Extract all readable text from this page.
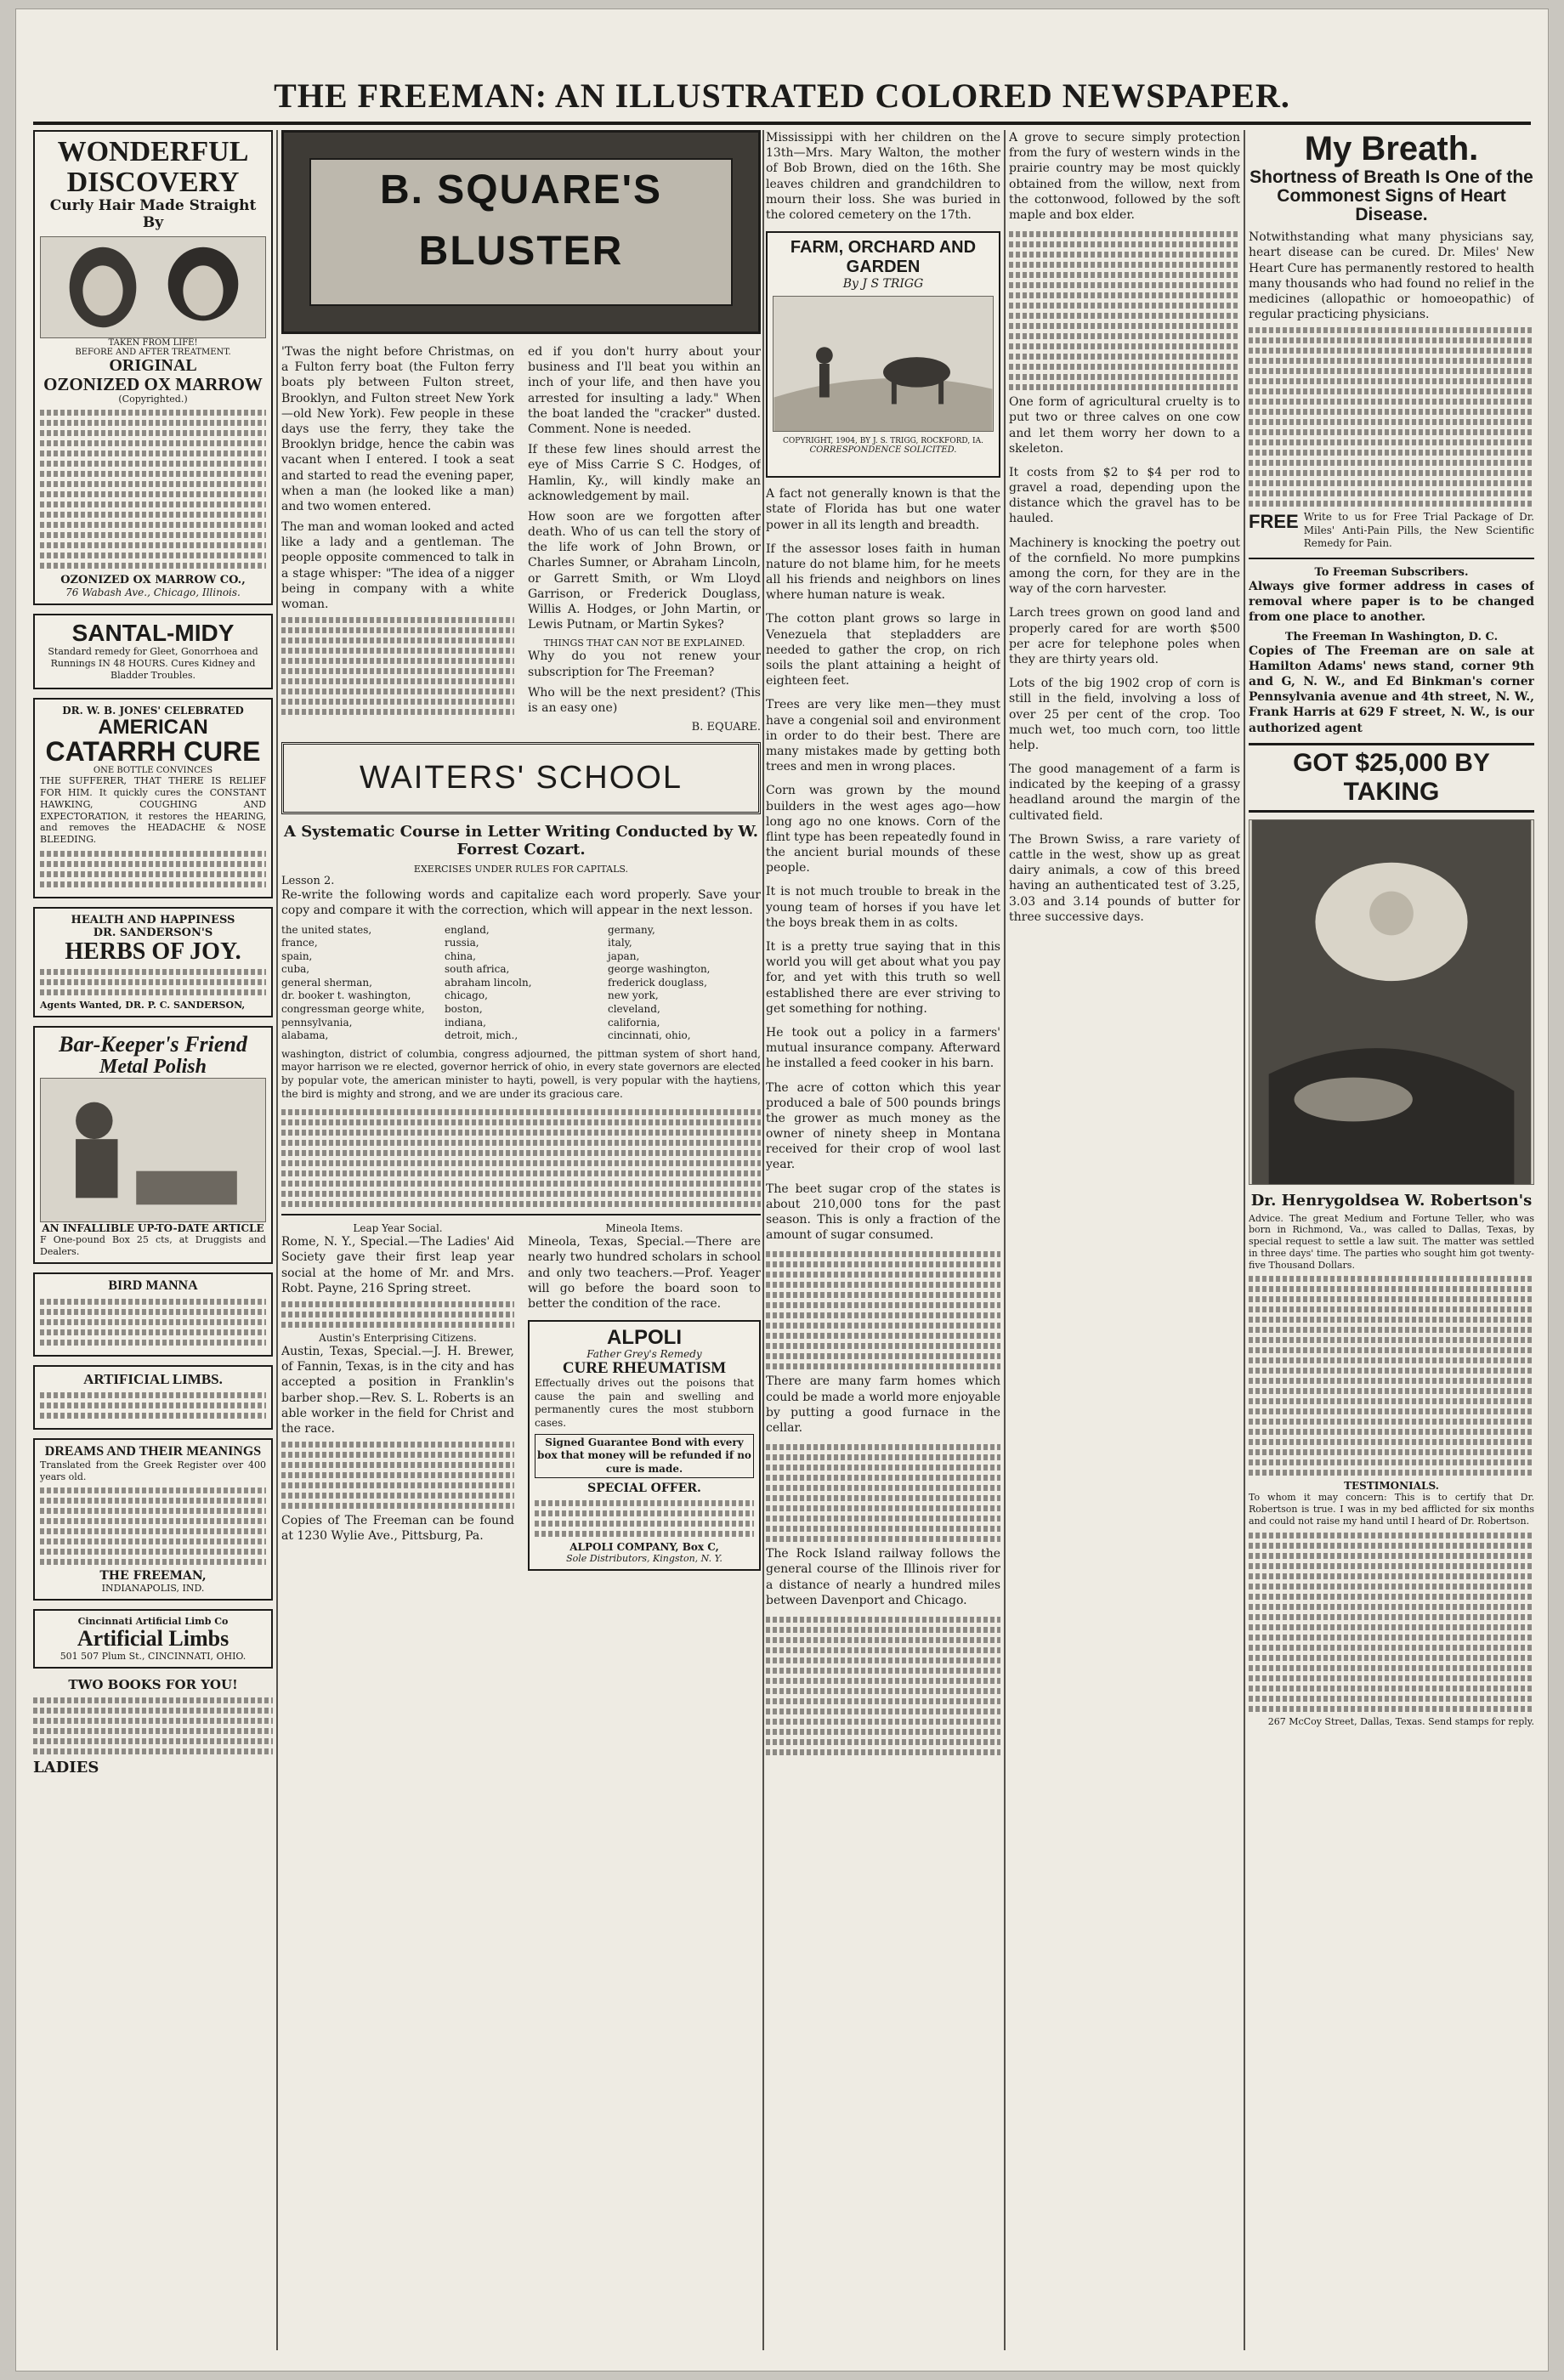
THE FREEMAN: AN ILLUSTRATED COLORED NEWSPAPER.
WONDERFUL
DISCOVERY
Curly Hair Made Straight By
TAKEN FROM LIFE!
BEFORE AND AFTER TREATMENT.
ORIGINAL
OZONIZED OX MARROW
(Copyrighted.)
OZONIZED OX MARROW CO.,
76 Wabash Ave., Chicago, Illinois.
SANTAL-MIDY
Standard remedy for Gleet, Gonorrhoea and Runnings IN 48 HOURS. Cures Kidney and Bladder Troubles.
DR. W. B. JONES' CELEBRATED
AMERICAN
CATARRH CURE
ONE BOTTLE CONVINCES
THE SUFFERER, THAT THERE IS RELIEF FOR HIM. It quickly cures the CONSTANT HAWKING, COUGHING AND EXPECTORATION, it restores the HEARING, and removes the HEADACHE & NOSE BLEEDING.
HEALTH AND HAPPINESS
DR. SANDERSON'S
HERBS OF JOY.
Agents Wanted, DR. P. C. SANDERSON,
Bar-Keeper's Friend
Metal Polish
AN INFALLIBLE UP-TO-DATE ARTICLE
F One-pound Box 25 cts, at Druggists and Dealers.
BIRD MANNA
ARTIFICIAL LIMBS.
DREAMS AND THEIR MEANINGS
Translated from the Greek Register over 400 years old.
THE FREEMAN,
INDIANAPOLIS, IND.
Cincinnati Artificial Limb Co
Artificial Limbs
501 507 Plum St., CINCINNATI, OHIO.
TWO BOOKS FOR YOU!
LADIES
B. SQUARE'S BLUSTER

'Twas the night before Christmas, on a Fulton ferry boat (the Fulton ferry boats ply between Fulton street, Brooklyn, and Fulton street New York—old New York). Few people in these days use the ferry, they take the Brooklyn bridge, hence the cabin was vacant when I entered. I took a seat and started to read the evening paper, when a man (he looked like a man) and two women entered.

The man and woman looked and acted like a lady and a gentleman. The people opposite commenced to talk in a stage whisper: "The idea of a nigger being in company with a white woman.

ed if you don't hurry about your business and I'll beat you within an inch of your life, and then have you arrested for insulting a lady." When the boat landed the "cracker" dusted. Comment. None is needed.

If these few lines should arrest the eye of Miss Carrie S C. Hodges, of Hamlin, Ky., will kindly make an acknowledgement by mail.

How soon are we forgotten after death. Who of us can tell the story of the life work of John Brown, or Charles Sumner, or Abraham Lincoln, or Garrett Smith, or Wm Lloyd Garrison, or Frederick Douglass, Willis A. Hodges, or John Martin, or Lewis Putnam, or Martin Sykes?

THINGS THAT CAN NOT BE EXPLAINED.

Why do you not renew your subscription for The Freeman?

Who will be the next president? (This is an easy one)

B. EQUARE.
WAITERS' SCHOOL
A Systematic Course in Letter Writing Conducted by W. Forrest Cozart.
EXERCISES UNDER RULES FOR CAPITALS.
Lesson 2.

Re-write the following words and capitalize each word properly. Save your copy and compare it with the correction, which will appear in the next lesson.

the united states,
france,
spain,
cuba,
general sherman,
dr. booker t. washington,
congressman george white,
pennsylvania,
alabama,
england,
russia,
china,
south africa,
abraham lincoln,
chicago,
boston,
indiana,
detroit, mich.,
germany,
italy,
japan,
george washington,
frederick douglass,
new york,
cleveland,
california,
cincinnati, ohio,

washington, district of columbia, congress adjourned, the pittman system of short hand, mayor harrison we re elected, governor herrick of ohio, in every state governors are elected by popular vote, the american minister to hayti, powell, is very popular with the haytiens, the bird is mighty and strong, and we are under its gracious care.

Leap Year Social.

Rome, N. Y., Special.—The Ladies' Aid Society gave their first leap year social at the home of Mr. and Mrs. Robt. Payne, 216 Spring street.

Austin's Enterprising Citizens.

Austin, Texas, Special.—J. H. Brewer, of Fannin, Texas, is in the city and has accepted a position in Franklin's barber shop.—Rev. S. L. Roberts is an able worker in the field for Christ and the race.

Copies of The Freeman can be found at 1230 Wylie Ave., Pittsburg, Pa.

Mineola Items.

Mineola, Texas, Special.—There are nearly two hundred scholars in school and only two teachers.—Prof. Yeager will go before the board soon to better the condition of the race.

ALPOLI
Father Grey's Remedy
CURE RHEUMATISM

Effectually drives out the poisons that cause the pain and swelling and permanently cures the most stubborn cases.

Signed Guarantee Bond with every box that money will be refunded if no cure is made.

SPECIAL OFFER.
ALPOLI COMPANY, Box C,
Sole Distributors, Kingston, N. Y.

Mississippi with her children on the 13th—Mrs. Mary Walton, the mother of Bob Brown, died on the 16th. She leaves children and grandchildren to mourn their loss. She was buried in the colored cemetery on the 17th.

FARM, ORCHARD AND GARDEN
By J S TRIGG
COPYRIGHT, 1904, BY J. S. TRIGG, ROCKFORD, IA.
CORRESPONDENCE SOLICITED.

A fact not generally known is that the state of Florida has but one water power in all its length and breadth.

If the assessor loses faith in human nature do not blame him, for he meets all his friends and neighbors on lines where human nature is weak.

The cotton plant grows so large in Venezuela that stepladders are needed to gather the crop, on rich soils the plant attaining a height of eighteen feet.

Trees are very like men—they must have a congenial soil and environment in order to do their best. There are many mistakes made by getting both trees and men in wrong places.

Corn was grown by the mound builders in the west ages ago—how long ago no one knows. Corn of the flint type has been repeatedly found in the ancient burial mounds of these people.

It is not much trouble to break in the young team of horses if you have let the boys break them in as colts.

It is a pretty true saying that in this world you will get about what you pay for, and yet with this truth so well established there are ever striving to get something for nothing.

He took out a policy in a farmers' mutual insurance company. Afterward he installed a feed cooker in his barn.

The acre of cotton which this year produced a bale of 500 pounds brings the grower as much money as the owner of ninety sheep in Montana received for their crop of wool last year.

The beet sugar crop of the states is about 210,000 tons for the past season. This is only a fraction of the amount of sugar consumed.

There are many farm homes which could be made a world more enjoyable by putting a good furnace in the cellar.

The Rock Island railway follows the general course of the Illinois river for a distance of nearly a hundred miles between Davenport and Chicago.

A grove to secure simply protection from the fury of western winds in the prairie country may be most quickly obtained from the willow, next from the cottonwood, followed by the soft maple and box elder.

One form of agricultural cruelty is to put two or three calves on one cow and let them worry her down to a skeleton.

It costs from $2 to $4 per rod to gravel a road, depending upon the distance which the gravel has to be hauled.

Machinery is knocking the poetry out of the cornfield. No more pumpkins among the corn, for they are in the way of the corn harvester.

Larch trees grown on good land and properly cared for are worth $500 per acre for telephone poles when they are thirty years old.

Lots of the big 1902 crop of corn is still in the field, involving a loss of over 25 per cent of the crop. Too much wet, too much corn, too little help.

The good management of a farm is indicated by the keeping of a grassy headland around the margin of the cultivated field.

The Brown Swiss, a rare variety of cattle in the west, show up as great dairy animals, a cow of this breed having an authenticated test of 3.25, 3.03 and 3.14 pounds of butter for three successive days.

My Breath.
Shortness of Breath Is One of the Commonest Signs of Heart Disease.

Notwithstanding what many physicians say, heart disease can be cured. Dr. Miles' New Heart Cure has permanently restored to health many thousands who had found no relief in the medicines (allopathic or homoeopathic) of regular practicing physicians.

FREE Write to us for Free Trial Package of Dr. Miles' Anti-Pain Pills, the New Scientific Remedy for Pain.

To Freeman Subscribers.

Always give former address in cases of removal where paper is to be changed from one place to another.

The Freeman In Washington, D. C.

Copies of The Freeman are on sale at Hamilton Adams' news stand, corner 9th and G, N. W., and Ed Binkman's corner Pennsylvania avenue and 4th street, N. W., Frank Harris at 629 F street, N. W., is our authorized agent

GOT $25,000 BY TAKING
Dr. Henrygoldsea W. Robertson's

Advice. The great Medium and Fortune Teller, who was born in Richmond, Va., was called to Dallas, Texas, by special request to settle a law suit. The matter was settled in three days' time. The parties who sought him got twenty-five Thousand Dollars.

TESTIMONIALS.

To whom it may concern: This is to certify that Dr. Robertson is true. I was in my bed afflicted for six months and could not raise my hand until I heard of Dr. Robertson.

267 McCoy Street, Dallas, Texas. Send stamps for reply.
